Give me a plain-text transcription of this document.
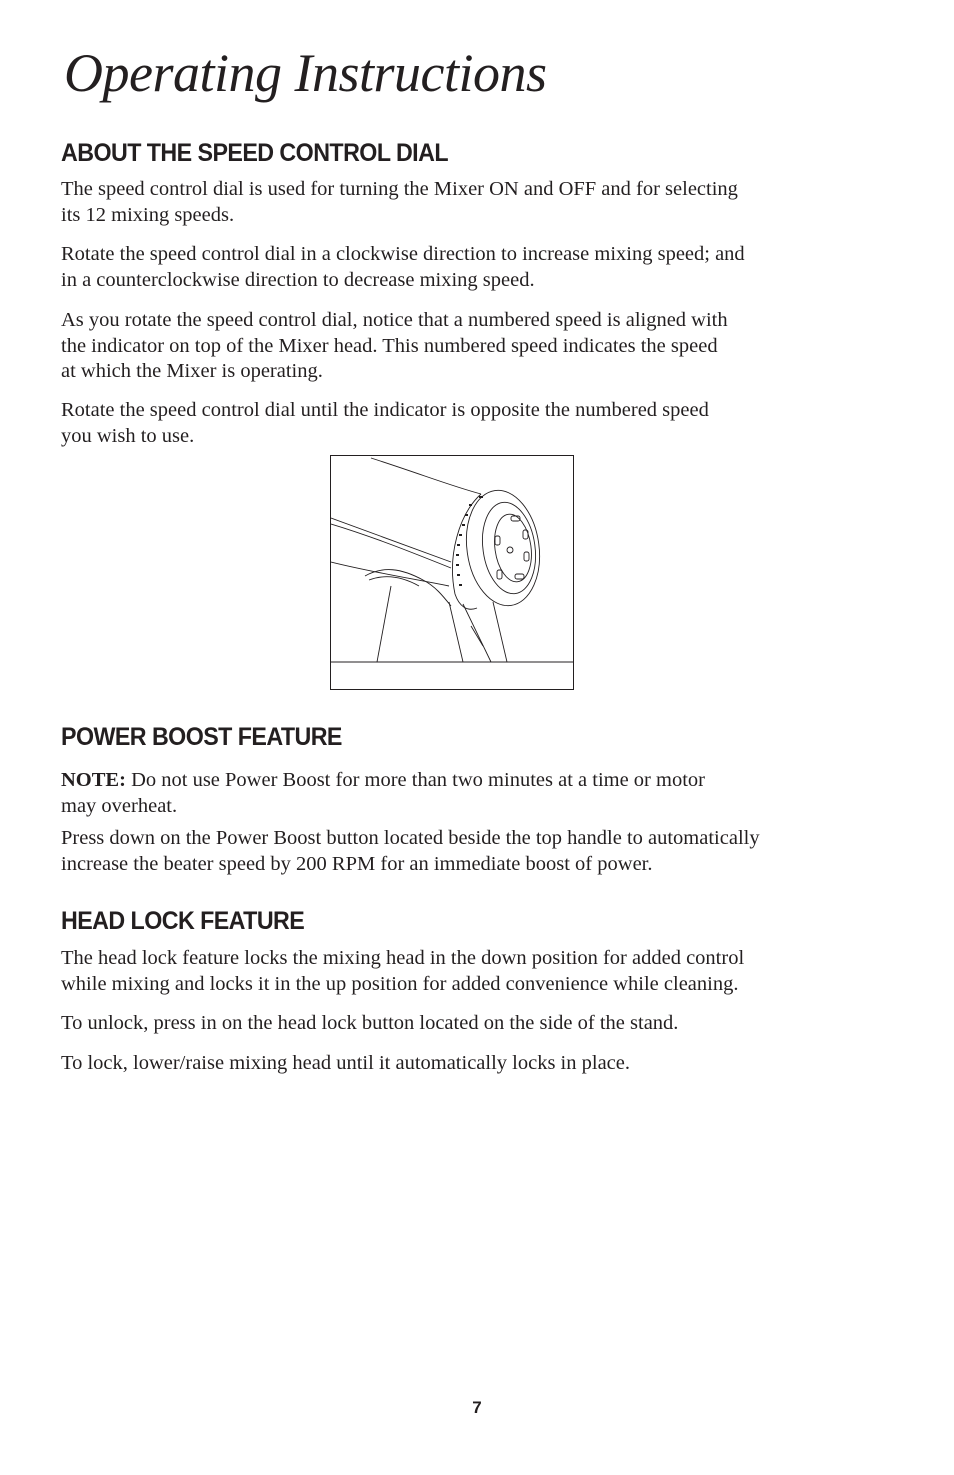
Operating Instructions
ABOUT THE SPEED CONTROL DIAL

The speed control dial is used for turning the Mixer ON and OFF and for selecting
its 12 mixing speeds.

Rotate the speed control dial in a clockwise direction to increase mixing speed; and
in a counterclockwise direction to decrease mixing speed.

As you rotate the speed control dial, notice that a numbered speed is aligned with
the indicator on top of the Mixer head. This numbered speed indicates the speed
at which the Mixer is operating.

Rotate the speed control dial until the indicator is opposite the numbered speed
you wish to use.

POWER BOOST FEATURE

NOTE: Do not use Power Boost for more than two minutes at a time or motor
may overheat.

Press down on the Power Boost button located beside the top handle to automatically
increase the beater speed by 200 RPM for an immediate boost of power.

HEAD LOCK FEATURE

The head lock feature locks the mixing head in the down position for added control
while mixing and locks it in the up position for added convenience while cleaning.

To unlock, press in on the head lock button located on the side of the stand.

To lock, lower/raise mixing head until it automatically locks in place.

7
